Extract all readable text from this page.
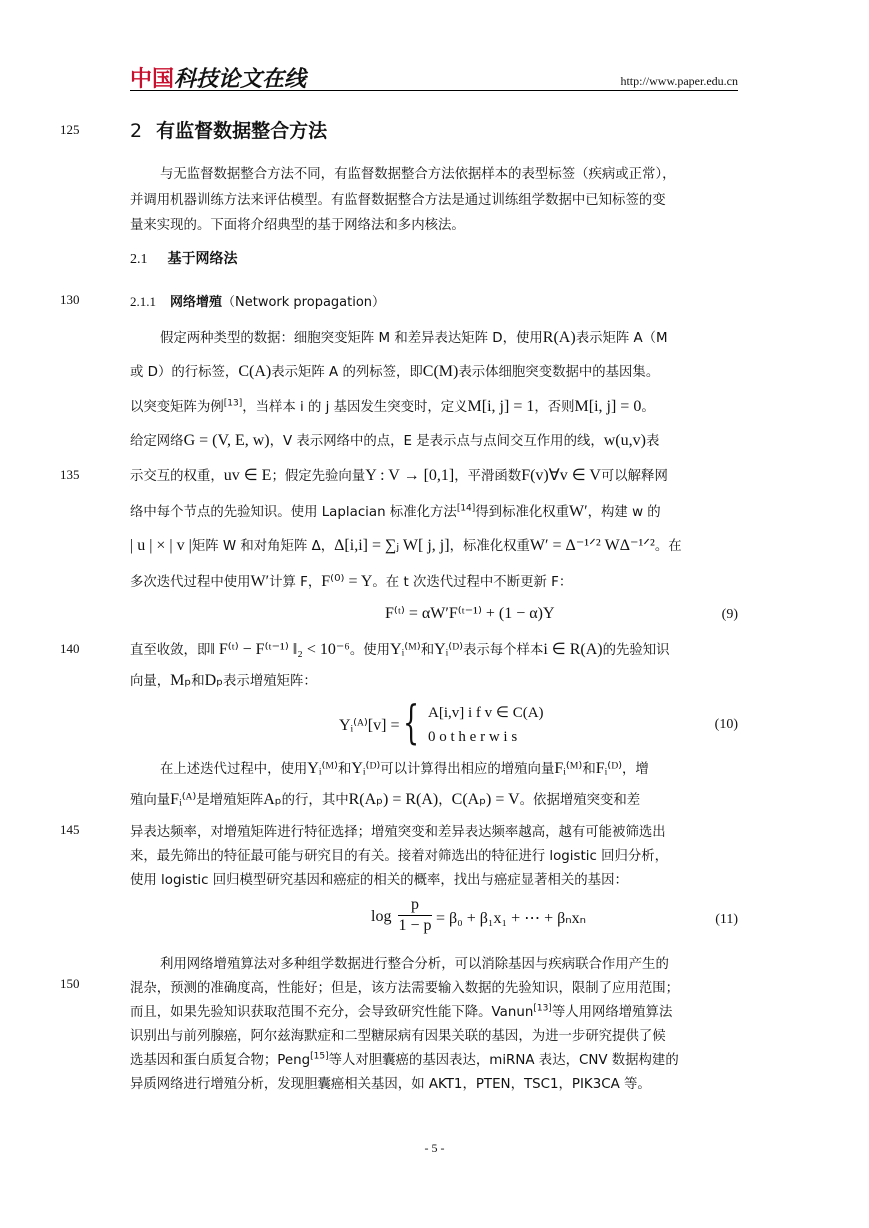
中国科技论文在线	http://www.paper.edu.cn
125
130
135
140
145
150
2 有监督数据整合方法
与无监督数据整合方法不同，有监督数据整合方法依据样本的表型标签（疾病或正常），
并调用机器训练方法来评估模型。有监督数据整合方法是通过训练组学数据中已知标签的变
量来实现的。下面将介绍典型的基于网络法和多内核法。
2.1 基于网络法
2.1.1 网络增殖（Network propagation）
假定两种类型的数据：细胞突变矩阵 M 和差异表达矩阵 D，使用R(A)表示矩阵 A（M
或 D）的行标签，C(A)表示矩阵 A 的列标签，即C(M)表示体细胞突变数据中的基因集。
以突变矩阵为例[13]，当样本 i 的 j 基因发生突变时，定义M[i, j] = 1，否则M[i, j] = 0。
给定网络G = (V, E, w)，V 表示网络中的点，E 是表示点与点间交互作用的线，w(u,v)表
示交互的权重，uv ∈ E；假定先验向量Y : V → [0,1]，平滑函数F(v)∀v ∈ V可以解释网
络中每个节点的先验知识。使用 Laplacian 标准化方法[14]得到标准化权重W′，构建 w 的
| u | × | v |矩阵 W 和对角矩阵 Δ，Δ[i,i] = ∑ⱼ W[ j, j]，标准化权重W′ = Δ⁻¹ᐟ² WΔ⁻¹ᐟ²。在
多次迭代过程中使用W′计算 F，F⁽⁰⁾ = Y。在 t 次迭代过程中不断更新 F：
F⁽ᵗ⁾ = αW′F⁽ᵗ⁻¹⁾ + (1 − α)Y	(9)
直至收敛，即‖ F⁽ᵗ⁾ − F⁽ᵗ⁻¹⁾ ‖₂ < 10⁻⁶。使用Yᵢ⁽ᴹ⁾和Yᵢ⁽ᴰ⁾表示每个样本i ∈ R(A)的先验知识
向量，Mₚ和Dₚ表示增殖矩阵：
Yᵢ⁽ᴬ⁾[v] = { A[i,v] i f v ∈ C(A)
0 o t h e r w i s
(10)
在上述迭代过程中，使用Yᵢ⁽ᴹ⁾和Yᵢ⁽ᴰ⁾可以计算得出相应的增殖向量Fᵢ⁽ᴹ⁾和Fᵢ⁽ᴰ⁾，增
殖向量Fᵢ⁽ᴬ⁾是增殖矩阵Aₚ的行，其中R(Aₚ) = R(A)，C(Aₚ) = V。依据增殖突变和差
异表达频率，对增殖矩阵进行特征选择；增殖突变和差异表达频率越高，越有可能被筛选出
来，最先筛出的特征最可能与研究目的有关。接着对筛选出的特征进行 logistic 回归分析，
使用 logistic 回归模型研究基因和癌症的相关的概率，找出与癌症显著相关的基因：
log
p
1 − p = β₀ + β₁x₁ + ⋯ + βₙxₙ	(11)
利用网络增殖算法对多种组学数据进行整合分析，可以消除基因与疾病联合作用产生的
混杂，预测的准确度高，性能好；但是，该方法需要输入数据的先验知识，限制了应用范围；
而且，如果先验知识获取范围不充分，会导致研究性能下降。Vanun[13]等人用网络增殖算法
识别出与前列腺癌，阿尔兹海默症和二型糖尿病有因果关联的基因，为进一步研究提供了候
选基因和蛋白质复合物；Peng[15]等人对胆囊癌的基因表达，miRNA 表达，CNV 数据构建的
异质网络进行增殖分析，发现胆囊癌相关基因，如 AKT1，PTEN，TSC1，PIK3CA 等。
- 5 -
